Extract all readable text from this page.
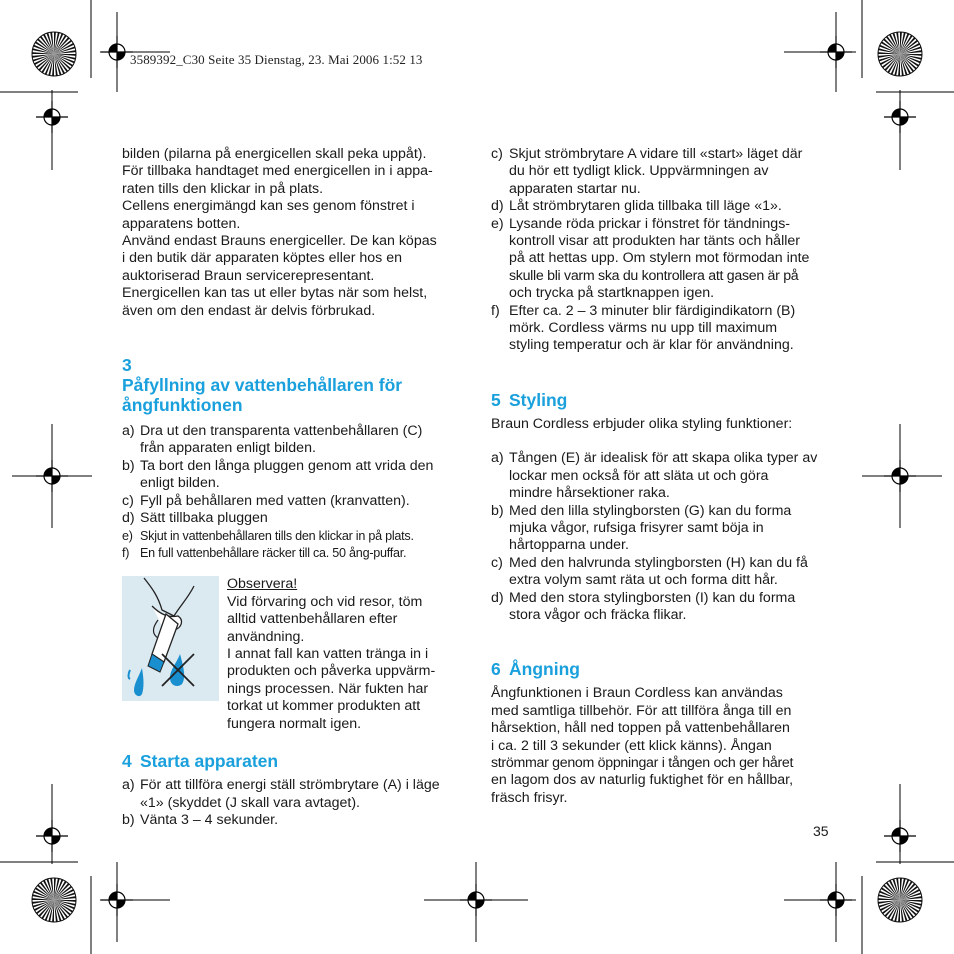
3589392_C30 Seite 35 Dienstag, 23. Mai 2006 1:52 13

bilden (pilarna på energicellen skall peka uppåt).

För tillbaka handtaget med energicellen in i appa-

raten tills den klickar in på plats.

Cellens energimängd kan ses genom fönstret i

apparatens botten.

Använd endast Brauns energiceller. De kan köpas

i den butik där apparaten köptes eller hos en

auktoriserad Braun servicerepresentant.

Energicellen kan tas ut eller bytas när som helst,

även om den endast är delvis förbrukad.

3Påfyllning av vattenbehållaren för
ångfunktionen
a) Dra ut den transparenta vattenbehållaren (C)
från apparaten enligt bilden.
b) Ta bort den långa pluggen genom att vrida den
enligt bilden.
c) Fyll på behållaren med vatten (kranvatten).
d) Sätt tillbaka pluggen
e) Skjut in vattenbehållaren tills den klickar in på plats.
f) En full vattenbehållare räcker till ca. 50 ång-puffar.

Observera!

Vid förvaring och vid resor, töm

alltid vattenbehållaren efter

användning.

I annat fall kan vatten tränga in i

produkten och påverka uppvärm-

nings processen. När fukten har

torkat ut kommer produkten att

fungera normalt igen.

4 Starta apparaten
a) För att tillföra energi ställ strömbrytare (A) i läge
«1» (skyddet (J skall vara avtaget).
b) Vänta 3 – 4 sekunder.
c) Skjut strömbrytare A vidare till «start» läget där
du hör ett tydligt klick. Uppvärmningen av
apparaten startar nu.
d) Låt strömbrytaren glida tillbaka till läge «1».
e) Lysande röda prickar i fönstret för tändnings-
kontroll visar att produkten har tänts och håller
på att hettas upp. Om stylern mot förmodan inte
skulle bli varm ska du kontrollera att gasen är på
och trycka på startknappen igen.
f) Efter ca. 2 – 3 minuter blir färdigindikatorn (B)
mörk. Cordless värms nu upp till maximum
styling temperatur och är klar för användning.
5 Styling

Braun Cordless erbjuder olika styling funktioner:

a) Tången (E) är idealisk för att skapa olika typer av
lockar men också för att släta ut och göra
mindre hårsektioner raka.
b) Med den lilla stylingborsten (G) kan du forma
mjuka vågor, rufsiga frisyrer samt böja in
hårtopparna under.
c) Med den halvrunda stylingborsten (H) kan du få
extra volym samt räta ut och forma ditt hår.
d) Med den stora stylingborsten (I) kan du forma
stora vågor och fräcka flikar.
6 Ångning

Ångfunktionen i Braun Cordless kan användas

med samtliga tillbehör. För att tillföra ånga till en

hårsektion, håll ned toppen på vattenbehållaren

i ca. 2 till 3 sekunder (ett klick känns). Ångan

strömmar genom öppningar i tången och ger håret

en lagom dos av naturlig fuktighet för en hållbar,

fräsch frisyr.

35
